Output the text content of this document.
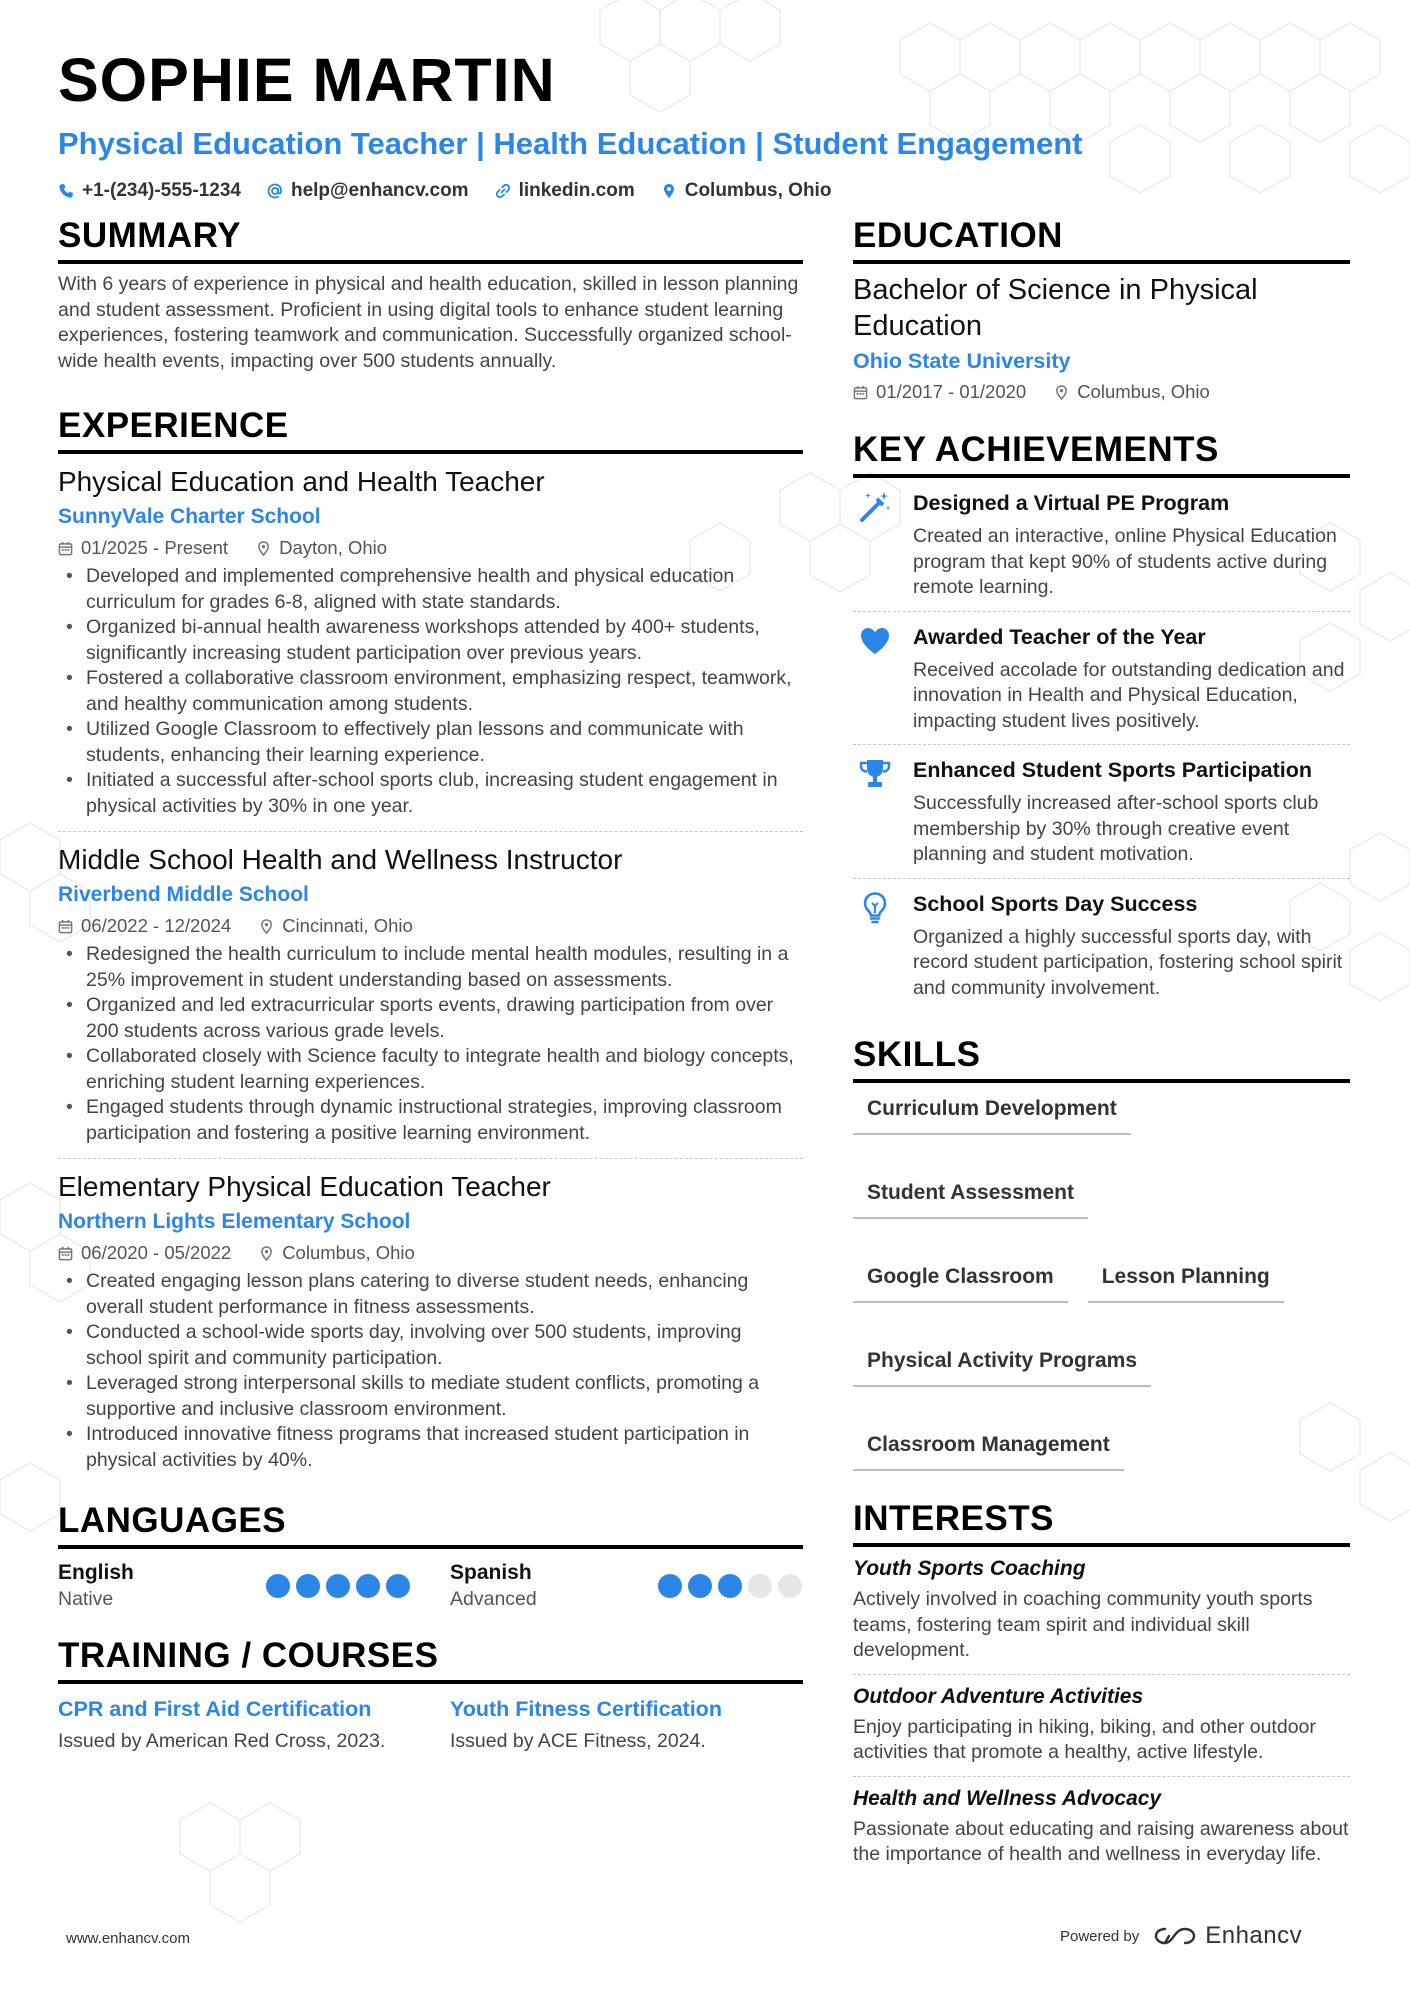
SOPHIE MARTIN
Physical Education Teacher | Health Education | Student Engagement
+1-(234)-555-1234	help@enhancv.com	linkedin.com	Columbus, Ohio
SUMMARY

With 6 years of experience in physical and health education, skilled in lesson planning and student assessment. Proficient in using digital tools to enhance student learning experiences, fostering teamwork and communication. Successfully organized school-wide health events, impacting over 500 students annually.

EXPERIENCE
Physical Education and Health Teacher
SunnyVale Charter School
01/2025 - Present	Dayton, Ohio
• Developed and implemented comprehensive health and physical education curriculum for grades 6-8, aligned with state standards.
• Organized bi-annual health awareness workshops attended by 400+ students, significantly increasing student participation over previous years.
• Fostered a collaborative classroom environment, emphasizing respect, teamwork, and healthy communication among students.
• Utilized Google Classroom to effectively plan lessons and communicate with students, enhancing their learning experience.
• Initiated a successful after-school sports club, increasing student engagement in physical activities by 30% in one year.
Middle School Health and Wellness Instructor
Riverbend Middle School
06/2022 - 12/2024	Cincinnati, Ohio
• Redesigned the health curriculum to include mental health modules, resulting in a 25% improvement in student understanding based on assessments.
• Organized and led extracurricular sports events, drawing participation from over 200 students across various grade levels.
• Collaborated closely with Science faculty to integrate health and biology concepts, enriching student learning experiences.
• Engaged students through dynamic instructional strategies, improving classroom participation and fostering a positive learning environment.
Elementary Physical Education Teacher
Northern Lights Elementary School
06/2020 - 05/2022	Columbus, Ohio
• Created engaging lesson plans catering to diverse student needs, enhancing overall student performance in fitness assessments.
• Conducted a school-wide sports day, involving over 500 students, improving school spirit and community participation.
• Leveraged strong interpersonal skills to mediate student conflicts, promoting a supportive and inclusive classroom environment.
• Introduced innovative fitness programs that increased student participation in physical activities by 40%.
LANGUAGES
English
Native
Spanish
Advanced
TRAINING / COURSES
CPR and First Aid Certification
Issued by American Red Cross, 2023.
Youth Fitness Certification
Issued by ACE Fitness, 2024.
EDUCATION
Bachelor of Science in Physical Education
Ohio State University
01/2017 - 01/2020	Columbus, Ohio
KEY ACHIEVEMENTS
Designed a Virtual PE Program
Created an interactive, online Physical Education program that kept 90% of students active during remote learning.
Awarded Teacher of the Year
Received accolade for outstanding dedication and innovation in Health and Physical Education, impacting student lives positively.
Enhanced Student Sports Participation
Successfully increased after-school sports club membership by 30% through creative event planning and student motivation.
School Sports Day Success
Organized a highly successful sports day, with record student participation, fostering school spirit and community involvement.
SKILLS
Curriculum Development
Student Assessment
Google Classroom	Lesson Planning
Physical Activity Programs
Classroom Management
INTERESTS
Youth Sports Coaching
Actively involved in coaching community youth sports teams, fostering team spirit and individual skill development.
Outdoor Adventure Activities
Enjoy participating in hiking, biking, and other outdoor activities that promote a healthy, active lifestyle.
Health and Wellness Advocacy
Passionate about educating and raising awareness about the importance of health and wellness in everyday life.
www.enhancv.com	Powered by	Enhancv
